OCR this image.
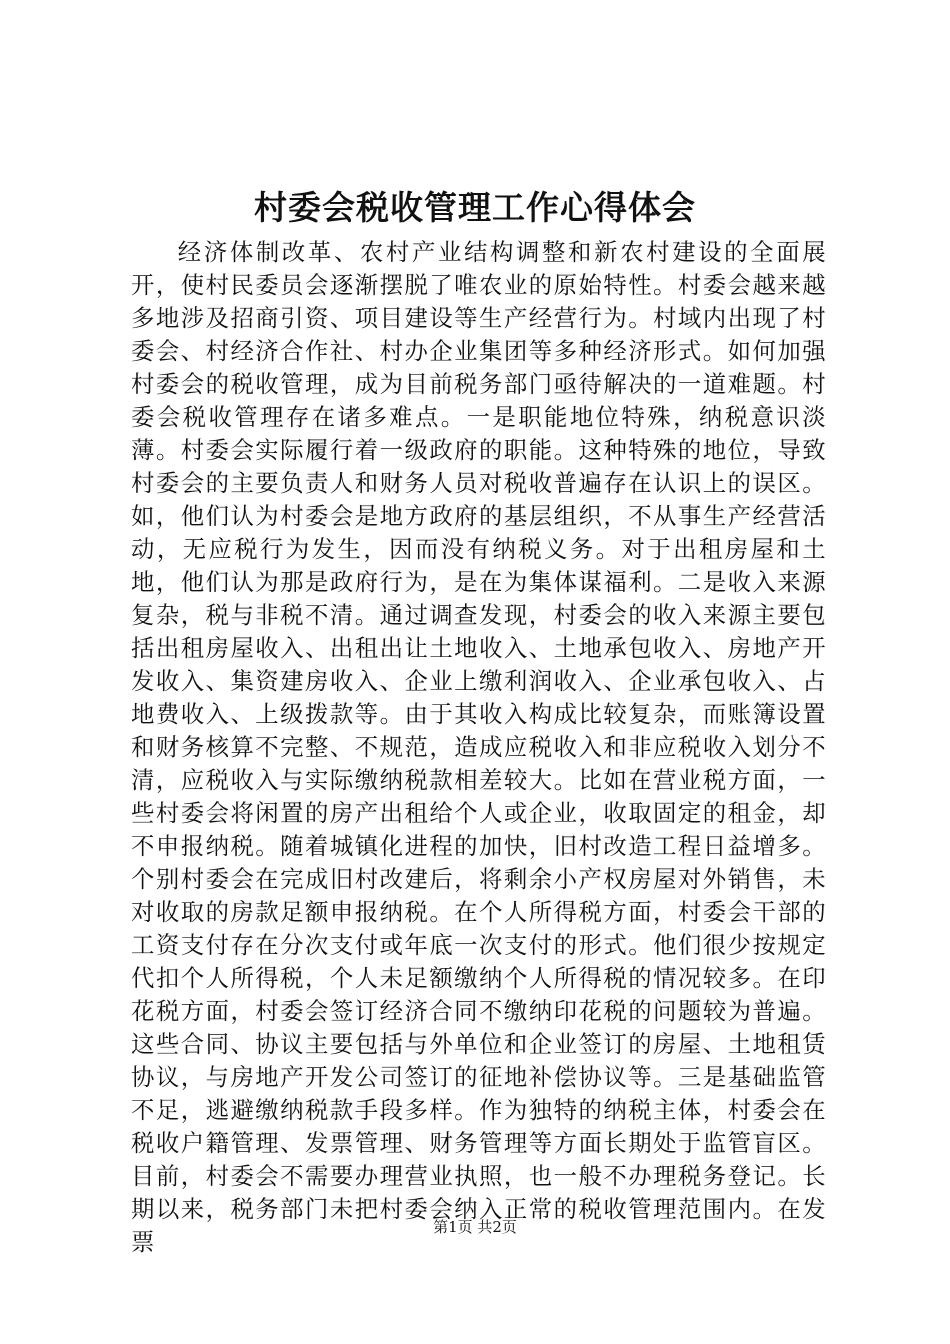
村委会税收管理工作心得体会

经济体制改革、农村产业结构调整和新农村建设的全面展开，使村民委员会逐渐摆脱了唯农业的原始特性。村委会越来越多地涉及招商引资、项目建设等生产经营行为。村域内出现了村委会、村经济合作社、村办企业集团等多种经济形式。如何加强村委会的税收管理，成为目前税务部门亟待解决的一道难题。村委会税收管理存在诸多难点。一是职能地位特殊，纳税意识淡薄。村委会实际履行着一级政府的职能。这种特殊的地位，导致村委会的主要负责人和财务人员对税收普遍存在认识上的误区。如，他们认为村委会是地方政府的基层组织，不从事生产经营活动，无应税行为发生，因而没有纳税义务。对于出租房屋和土地，他们认为那是政府行为，是在为集体谋福利。二是收入来源复杂，税与非税不清。通过调查发现，村委会的收入来源主要包括出租房屋收入、出租出让土地收入、土地承包收入、房地产开发收入、集资建房收入、企业上缴利润收入、企业承包收入、占地费收入、上级拨款等。由于其收入构成比较复杂，而账簿设置和财务核算不完整、不规范，造成应税收入和非应税收入划分不清，应税收入与实际缴纳税款相差较大。比如在营业税方面，一些村委会将闲置的房产出租给个人或企业，收取固定的租金，却不申报纳税。随着城镇化进程的加快，旧村改造工程日益增多。个别村委会在完成旧村改建后，将剩余小产权房屋对外销售，未对收取的房款足额申报纳税。在个人所得税方面，村委会干部的工资支付存在分次支付或年底一次支付的形式。他们很少按规定代扣个人所得税，个人未足额缴纳个人所得税的情况较多。在印花税方面，村委会签订经济合同不缴纳印花税的问题较为普遍。这些合同、协议主要包括与外单位和企业签订的房屋、土地租赁协议，与房地产开发公司签订的征地补偿协议等。三是基础监管不足，逃避缴纳税款手段多样。作为独特的纳税主体，村委会在税收户籍管理、发票管理、财务管理等方面长期处于监管盲区。目前，村委会不需要办理营业执照，也一般不办理税务登记。长期以来，税务部门未把村委会纳入正常的税收管理范围内。在发票

第1页 共2页
